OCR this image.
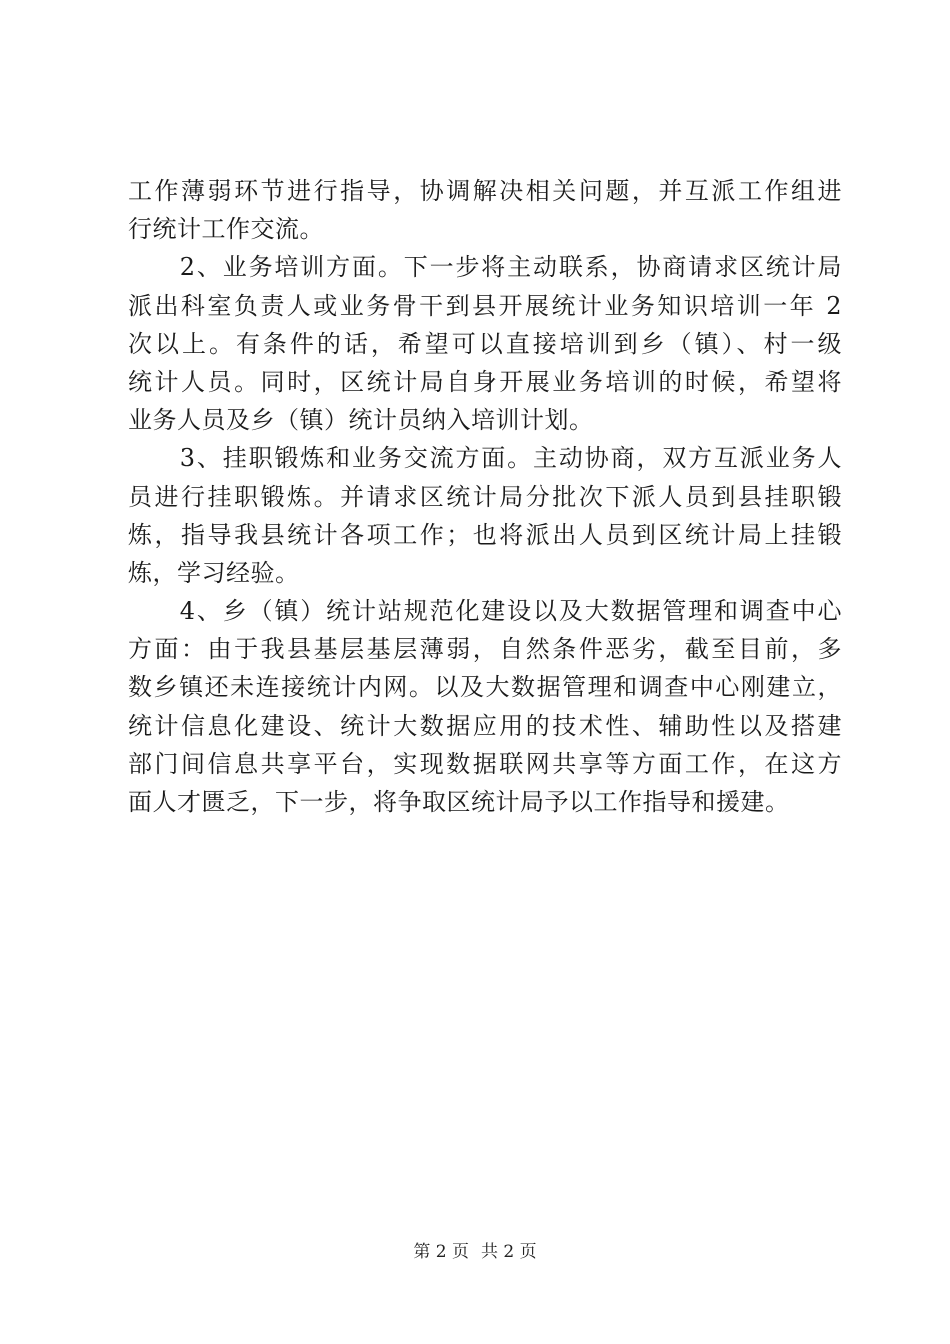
工作薄弱环节进行指导，协调解决相关问题，并互派工作组进
行统计工作交流。
　　2、业务培训方面。下一步将主动联系，协商请求区统计局
派出科室负责人或业务骨干到县开展统计业务知识培训一年 2
次以上。有条件的话，希望可以直接培训到乡（镇）、村一级
统计人员。同时，区统计局自身开展业务培训的时候，希望将
业务人员及乡（镇）统计员纳入培训计划。
　　3、挂职锻炼和业务交流方面。主动协商，双方互派业务人
员进行挂职锻炼。并请求区统计局分批次下派人员到县挂职锻
炼，指导我县统计各项工作；也将派出人员到区统计局上挂锻
炼，学习经验。
　　4、乡（镇）统计站规范化建设以及大数据管理和调查中心
方面：由于我县基层基层薄弱，自然条件恶劣，截至目前，多
数乡镇还未连接统计内网。以及大数据管理和调查中心刚建立，
统计信息化建设、统计大数据应用的技术性、辅助性以及搭建
部门间信息共享平台，实现数据联网共享等方面工作，在这方
面人才匮乏，下一步，将争取区统计局予以工作指导和援建。
第 2 页 共 2 页
